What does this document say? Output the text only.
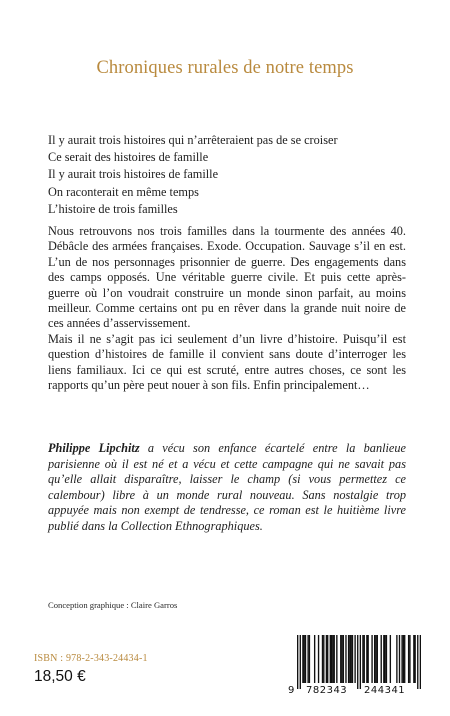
Chroniques rurales de notre temps
Il y aurait trois histoires qui n’arrêteraient pas de se croiser
Ce serait des histoires de famille
Il y aurait trois histoires de famille
On raconterait en même temps
L’histoire de trois familles

Nous retrouvons nos trois familles dans la tourmente des années 40. Débâcle des armées françaises. Exode. Occupation. Sauvage s’il en est. L’un de nos personnages prisonnier de guerre. Des engagements dans des camps opposés. Une véritable guerre civile. Et puis cette après-guerre où l’on voudrait construire un monde sinon parfait, au moins meilleur. Comme certains ont pu en rêver dans la grande nuit noire de ces années d’asservissement.

Mais il ne s’agit pas ici seulement d’un livre d’histoire. Puisqu’il est question d’histoires de famille il convient sans doute d’interroger les liens familiaux. Ici ce qui est scruté, entre autres choses, ce sont les rapports qu’un père peut nouer à son fils. Enfin principalement…

Philippe Lipchitz a vécu son enfance écartelé entre la banlieue parisienne où il est né et a vécu et cette campagne qui ne savait pas qu’elle allait disparaître, laisser le champ (si vous permettez ce calembour) libre à un monde rural nouveau. Sans nostalgie trop appuyée mais non exempt de tendresse, ce roman est le huitième livre publié dans la Collection Ethnographiques.
Conception graphique : Claire Garros
ISBN : 978-2-343-24434-1
18,50 €
9	782343	244341
